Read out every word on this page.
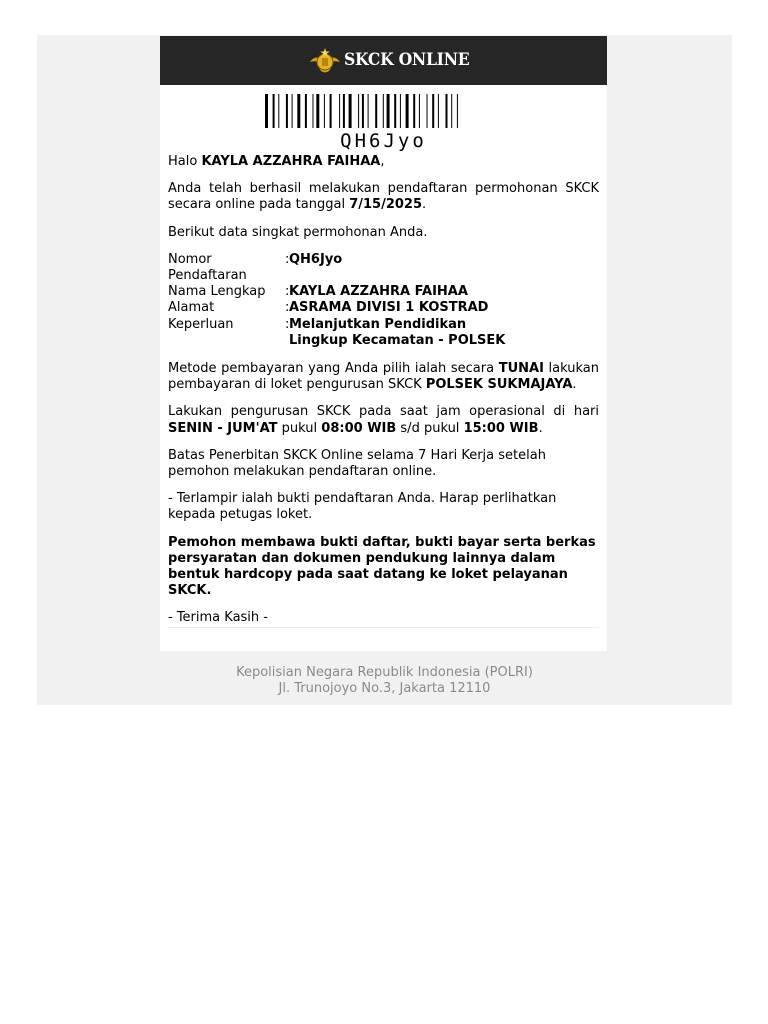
SKCK ONLINE
QH6Jyo

Halo KAYLA AZZAHRA FAIHAA,

Anda telah berhasil melakukan pendaftaran permohonan SKCK secara online pada tanggal 7/15/2025.

Berikut data singkat permohonan Anda.

Nomor Pendaftaran
: QH6Jyo
Nama Lengkap	: KAYLA AZZAHRA FAIHAA
Alamat	: ASRAMA DIVISI 1 KOSTRAD
Keperluan	: Melanjutkan Pendidikan Lingkup Kecamatan - POLSEK

Metode pembayaran yang Anda pilih ialah secara TUNAI lakukan pembayaran di loket pengurusan SKCK POLSEK SUKMAJAYA.

Lakukan pengurusan SKCK pada saat jam operasional di hari SENIN - JUM'AT pukul 08:00 WIB s/d pukul 15:00 WIB.

Batas Penerbitan SKCK Online selama 7 Hari Kerja setelah pemohon melakukan pendaftaran online.

- Terlampir ialah bukti pendaftaran Anda. Harap perlihatkan kepada petugas loket.

Pemohon membawa bukti daftar, bukti bayar serta berkas persyaratan dan dokumen pendukung lainnya dalam bentuk hardcopy pada saat datang ke loket pelayanan SKCK.

- Terima Kasih -

Kepolisian Negara Republik Indonesia (POLRI)
Jl. Trunojoyo No.3, Jakarta 12110
